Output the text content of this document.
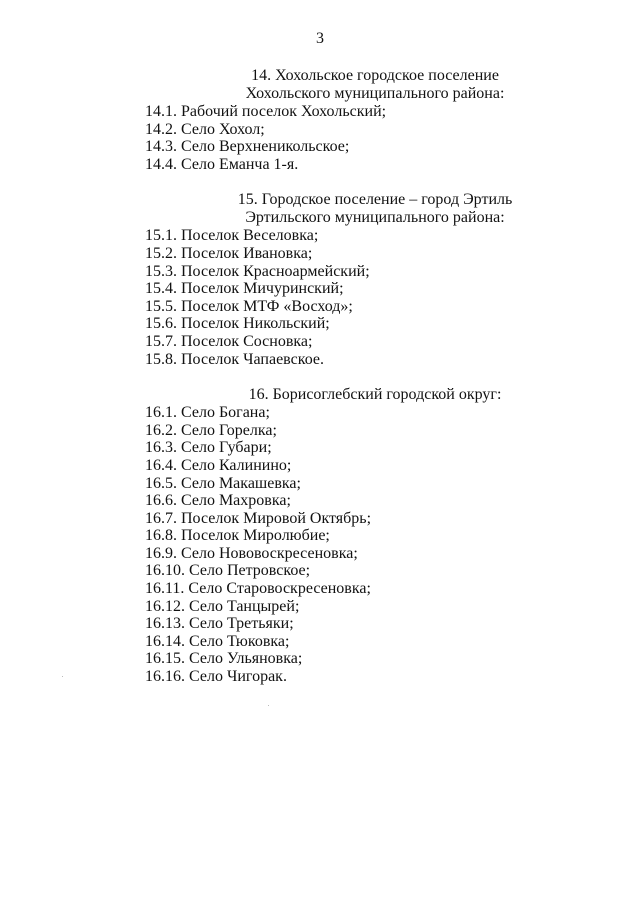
3
14. Хохольское городское поселение
Хохольского муниципального района:
14.1. Рабочий поселок Хохольский;
14.2. Село Хохол;
14.3. Село Верхненикольское;
14.4. Село Еманча 1-я.
15. Городское поселение – город Эртиль
Эртильского муниципального района:
15.1. Поселок Веселовка;
15.2. Поселок Ивановка;
15.3. Поселок Красноармейский;
15.4. Поселок Мичуринский;
15.5. Поселок МТФ «Восход»;
15.6. Поселок Никольский;
15.7. Поселок Сосновка;
15.8. Поселок Чапаевское.
16. Борисоглебский городской округ:
16.1. Село Богана;
16.2. Село Горелка;
16.3. Село Губари;
16.4. Село Калинино;
16.5. Село Макашевка;
16.6. Село Махровка;
16.7. Поселок Мировой Октябрь;
16.8. Поселок Миролюбие;
16.9. Село Нововоскресеновка;
16.10. Село Петровское;
16.11. Село Старовоскресеновка;
16.12. Село Танцырей;
16.13. Село Третьяки;
16.14. Село Тюковка;
16.15. Село Ульяновка;
16.16. Село Чигорак.
